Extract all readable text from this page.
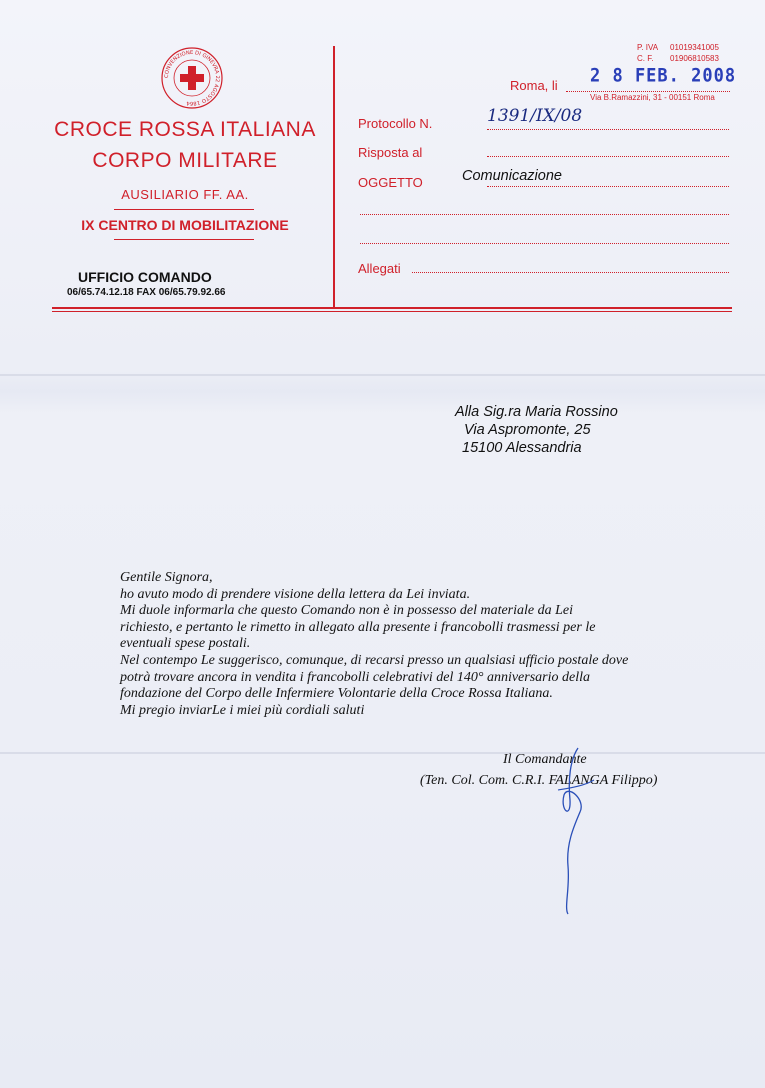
CONVENZIONE DI GINEVRA 22 AGOSTO 1864
CROCE ROSSA ITALIANA
CORPO MILITARE
AUSILIARIO FF. AA.
IX CENTRO DI MOBILITAZIONE
UFFICIO COMANDO
06/65.74.12.18 FAX 06/65.79.92.66
P. IVA 01019341005
C. F. 01906810583
Roma, li 2 8 FEB. 2008
Via B.Ramazzini, 31 - 00151 Roma
Protocollo N.	1391/IX/08
Risposta al
OGGETTO	Comunicazione
Allegati
Alla Sig.ra Maria Rossino
Via Aspromonte, 25
15100 Alessandria
Gentile Signora,
ho avuto modo di prendere visione della lettera da Lei inviata.
Mi duole informarla che questo Comando non è in possesso del materiale da Lei
richiesto, e pertanto le rimetto in allegato alla presente i francobolli trasmessi per le
eventuali spese postali.
Nel contempo Le suggerisco, comunque, di recarsi presso un qualsiasi ufficio postale dove
potrà trovare ancora in vendita i francobolli celebrativi del 140° anniversario della
fondazione del Corpo delle Infermiere Volontarie della Croce Rossa Italiana.
Mi pregio inviarLe i miei più cordiali saluti
Il Comandante
(Ten. Col. Com. C.R.I. FALANGA Filippo)
